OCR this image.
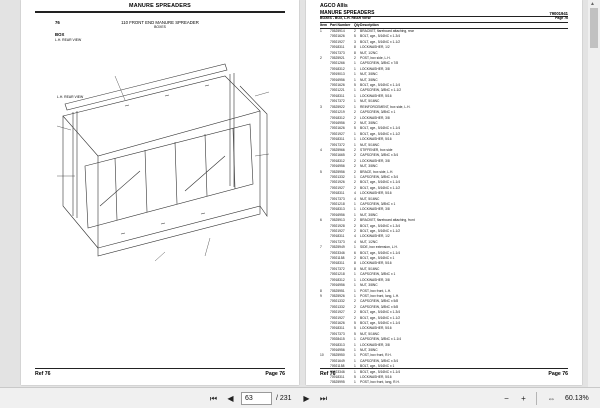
MANURE SPREADERS
76	110 FRONT END MANURE SPREADER
BOXES
BOX
L.H. REAR VIEW
L.H. REAR VIEW
Ref 76	Page 76
AGCO Allis
MANURE SPREADERS	79001941
BOXES - BOX, L.H. REAR VIEW	Page 76
Item Part Number	Qty Description
1	70525914	2	BRACKET, flareboard attaching, rear
70921626	5	BOLT, cge., 5/16NC x 1-3/4
70921927	3	BOLT, cge., 5/16NC x 1-1/2
70918311	8	LOCKWASHER, 1/2
70917373	8	NUT, 1/2NC
2	70525921	2	POST, box side, L.H.
70921266	1	CAPSCREW, 3/8NC x 7/8
70918312	1	LOCKWASHER, 3/8
70919013	1	NUT, 3/8NC
70916956	1	NUT, 3/8NC
70921626	5	BOLT, cge., 5/16NC x 1-1/4
70921221	1	CAPSCREW, 3/8NC x 1-1/2
70918311	1	LOCKWASHER, 5/16
70917372	1	NUT, 5/16NC
3	70525922	1	REINFORCEMENT, box side, L.H.
70921219	2	CAPSCREW, 3/8NC x 1
70918312	2	LOCKWASHER, 3/8
70916956	2	NUT, 3/8NC
70921626	5	BOLT, cge., 5/16NC x 1-1/4
70921927	1	BOLT, cge., 5/16NC x 1-1/2
70918311	1	LOCKWASHER, 5/16
70917372	1	NUT, 5/16NC
4	70525966	2	STIFFENER, box side
70921665	2	CAPSCREW, 3/8NC x 3/4
70918312	2	LOCKWASHER, 3/8
70916956	2	NUT, 3/8NC
5	70525956	2	BRACE, box side, L.H.
70921332	1	CAPSCREW, 3/8NC x 3/4
70921926	2	BOLT, cge., 5/16NC x 1-1/4
70921927	2	BOLT, cge., 5/16NC x 1-1/2
70918311	4	LOCKWASHER, 5/16
70917373	4	NUT, 5/16NC
70921218	1	CAPSCREW, 3/8NC x 1
70918313	1	LOCKWASHER, 3/8
70916956	1	NUT, 3/8NC
6	70525913	2	BRACKET, flareboard attaching, front
70921928	2	BOLT, cge., 5/16NC x 1-3/4
70921927	2	BOLT, cge., 5/16NC x 1-1/2
70918311	4	LOCKWASHER, 1/2
70917373	4	NUT, 1/2NC
7	70525949	1	SIDE, box extension, L.H.
70923346	6	BOLT, cge., 5/16NC x 1-1/4
70921158	2	BOLT, cge., 5/16NC x 1
70918311	8	LOCKWASHER, 5/16
70917372	8	NUT, 5/16NC
70921218	1	CAPSCREW, 3/8NC x 1
70918312	1	LOCKWASHER, 3/8
70916956	1	NUT, 3/8NC
8	70525951	1	POST, box front, L.H.
9	70525926	1	POST, box front, long, L.H.
70921332	2	CAPSCREW, 3/8NC x 5/8
70921332	2	CAPSCREW, 3/8NC x 5/8
70921927	2	BOLT, cge., 5/16NC x 1-3/4
70921927	2	BOLT, cge., 5/16NC x 1-1/2
70921626	5	BOLT, cge., 5/16NC x 1-1/4
70918311	5	LOCKWASHER, 5/16
70917373	5	NUT, 5/16NC
70928415	1	CAPSCREW, 3/8NC x 1-1/4
70918313	1	LOCKWASHER, 3/8
70916956	1	NUT, 3/8NC
10	70525950	1	POST, box front, R.H.
70921649	1	CAPSCREW, 3/8NC x 3/4
70921158	1	BOLT, cge., 5/16NC x 1
70923346	1	BOLT, cge., 5/16NC x 1-1/4
70918311	5	LOCKWASHER, 5/16
70525995	1	POST, box front, long, R.H.
Ref 76	Page 76
▲
⏮	◀	63	/ 231	▶	⏭	−	+	⇔	60.13%
